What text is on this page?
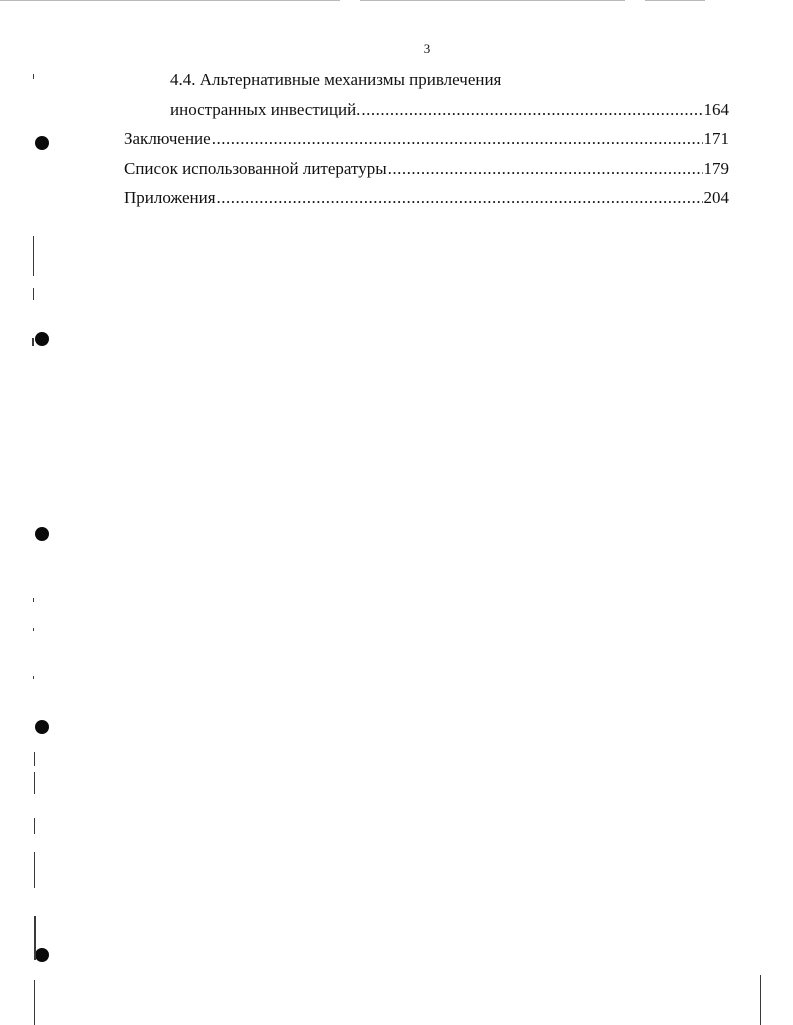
3
4.4. Альтернативные механизмы привлечения
иностранных инвестиций. .....	164
Заключение .....	171
Список использованной литературы .....	179
Приложения .....	204
